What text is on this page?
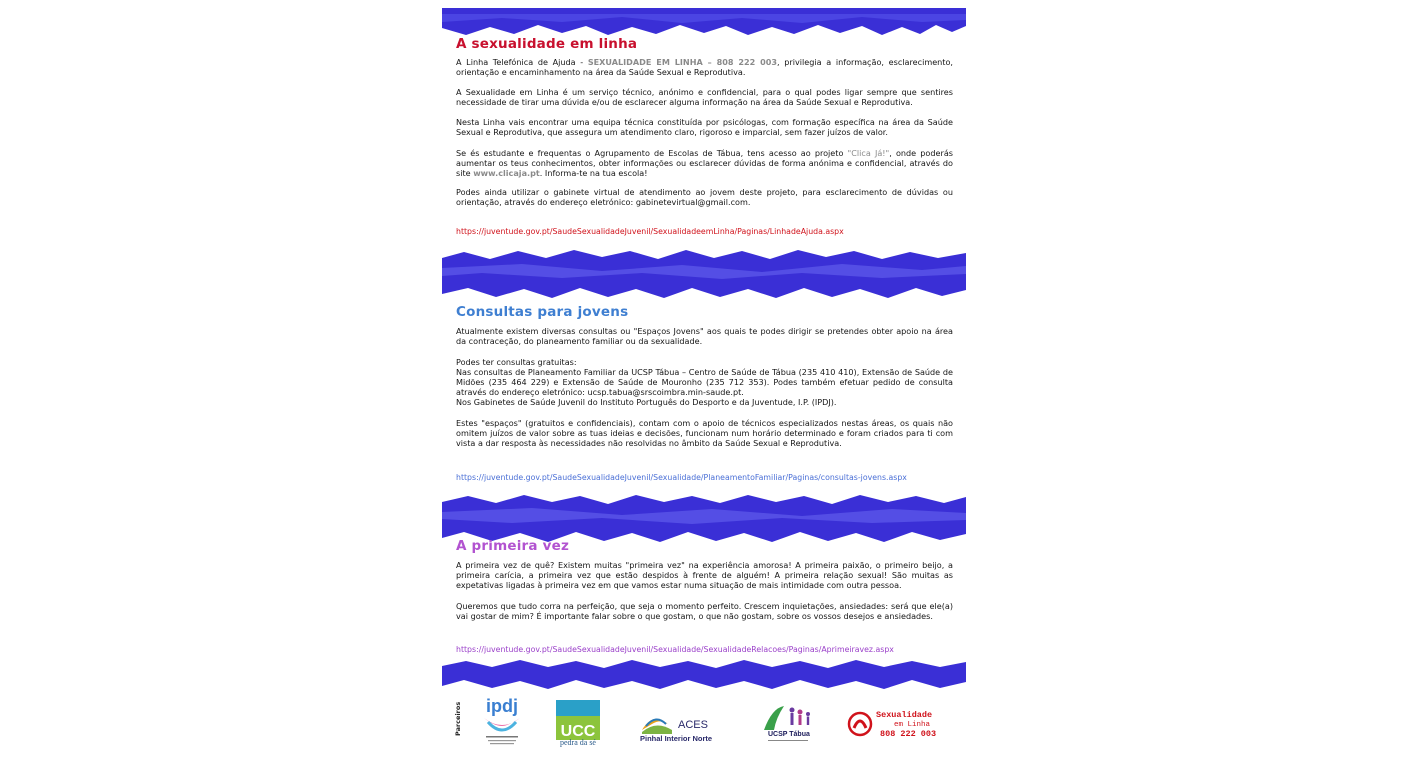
A sexualidade em linha

A Linha Telefónica de Ajuda - SEXUALIDADE EM LINHA – 808 222 003, privilegia a informação, esclarecimento, orientação e encaminhamento na área da Saúde Sexual e Reprodutiva.

A Sexualidade em Linha é um serviço técnico, anónimo e confidencial, para o qual podes ligar sempre que sentires necessidade de tirar uma dúvida e/ou de esclarecer alguma informação na área da Saúde Sexual e Reprodutiva.

Nesta Linha vais encontrar uma equipa técnica constituída por psicólogas, com formação específica na área da Saúde Sexual e Reprodutiva, que assegura um atendimento claro, rigoroso e imparcial, sem fazer juízos de valor.

Se és estudante e frequentas o Agrupamento de Escolas de Tábua, tens acesso ao projeto "Clica Já!", onde poderás aumentar os teus conhecimentos, obter informações ou esclarecer dúvidas de forma anónima e confidencial, através do site www.clicaja.pt. Informa-te na tua escola!

Podes ainda utilizar o gabinete virtual de atendimento ao jovem deste projeto, para esclarecimento de dúvidas ou orientação, através do endereço eletrónico: gabinetevirtual@gmail.com.

https://juventude.gov.pt/SaudeSexualidadeJuvenil/SexualidadeemLinha/Paginas/LinhadeAjuda.aspx
Consultas para jovens

Atualmente existem diversas consultas ou "Espaços Jovens" aos quais te podes dirigir se pretendes obter apoio na área da contraceção, do planeamento familiar ou da sexualidade.

Podes ter consultas gratuitas:
Nas consultas de Planeamento Familiar da UCSP Tábua – Centro de Saúde de Tábua (235 410 410), Extensão de Saúde de Midões (235 464 229) e Extensão de Saúde de Mouronho (235 712 353). Podes também efetuar pedido de consulta através do endereço eletrónico: ucsp.tabua@srscoimbra.min-saude.pt.
Nos Gabinetes de Saúde Juvenil do Instituto Português do Desporto e da Juventude, I.P. (IPDJ).

Estes "espaços" (gratuitos e confidenciais), contam com o apoio de técnicos especializados nestas áreas, os quais não omitem juízos de valor sobre as tuas ideias e decisões, funcionam num horário determinado e foram criados para ti com vista a dar resposta às necessidades não resolvidas no âmbito da Saúde Sexual e Reprodutiva.

https://juventude.gov.pt/SaudeSexualidadeJuvenil/Sexualidade/PlaneamentoFamiliar/Paginas/consultas-jovens.aspx
A primeira vez

A primeira vez de quê? Existem muitas "primeira vez" na experiência amorosa! A primeira paixão, o primeiro beijo, a primeira carícia, a primeira vez que estão despidos à frente de alguém! A primeira relação sexual! São muitas as expetativas ligadas à primeira vez em que vamos estar numa situação de mais intimidade com outra pessoa.

Queremos que tudo corra na perfeição, que seja o momento perfeito. Crescem inquietações, ansiedades: será que ele(a) vai gostar de mim? É importante falar sobre o que gostam, o que não gostam, sobre os vossos desejos e ansiedades.

https://juventude.gov.pt/SaudeSexualidadeJuvenil/Sexualidade/SexualidadeRelacoes/Paginas/Aprimeiravez.aspx
Parceiros ipdj
UCC
pedra da sé
ACES
Pinhal Interior Norte	UCSP Tábua
Sexualidade
em Linha
808 222 003
